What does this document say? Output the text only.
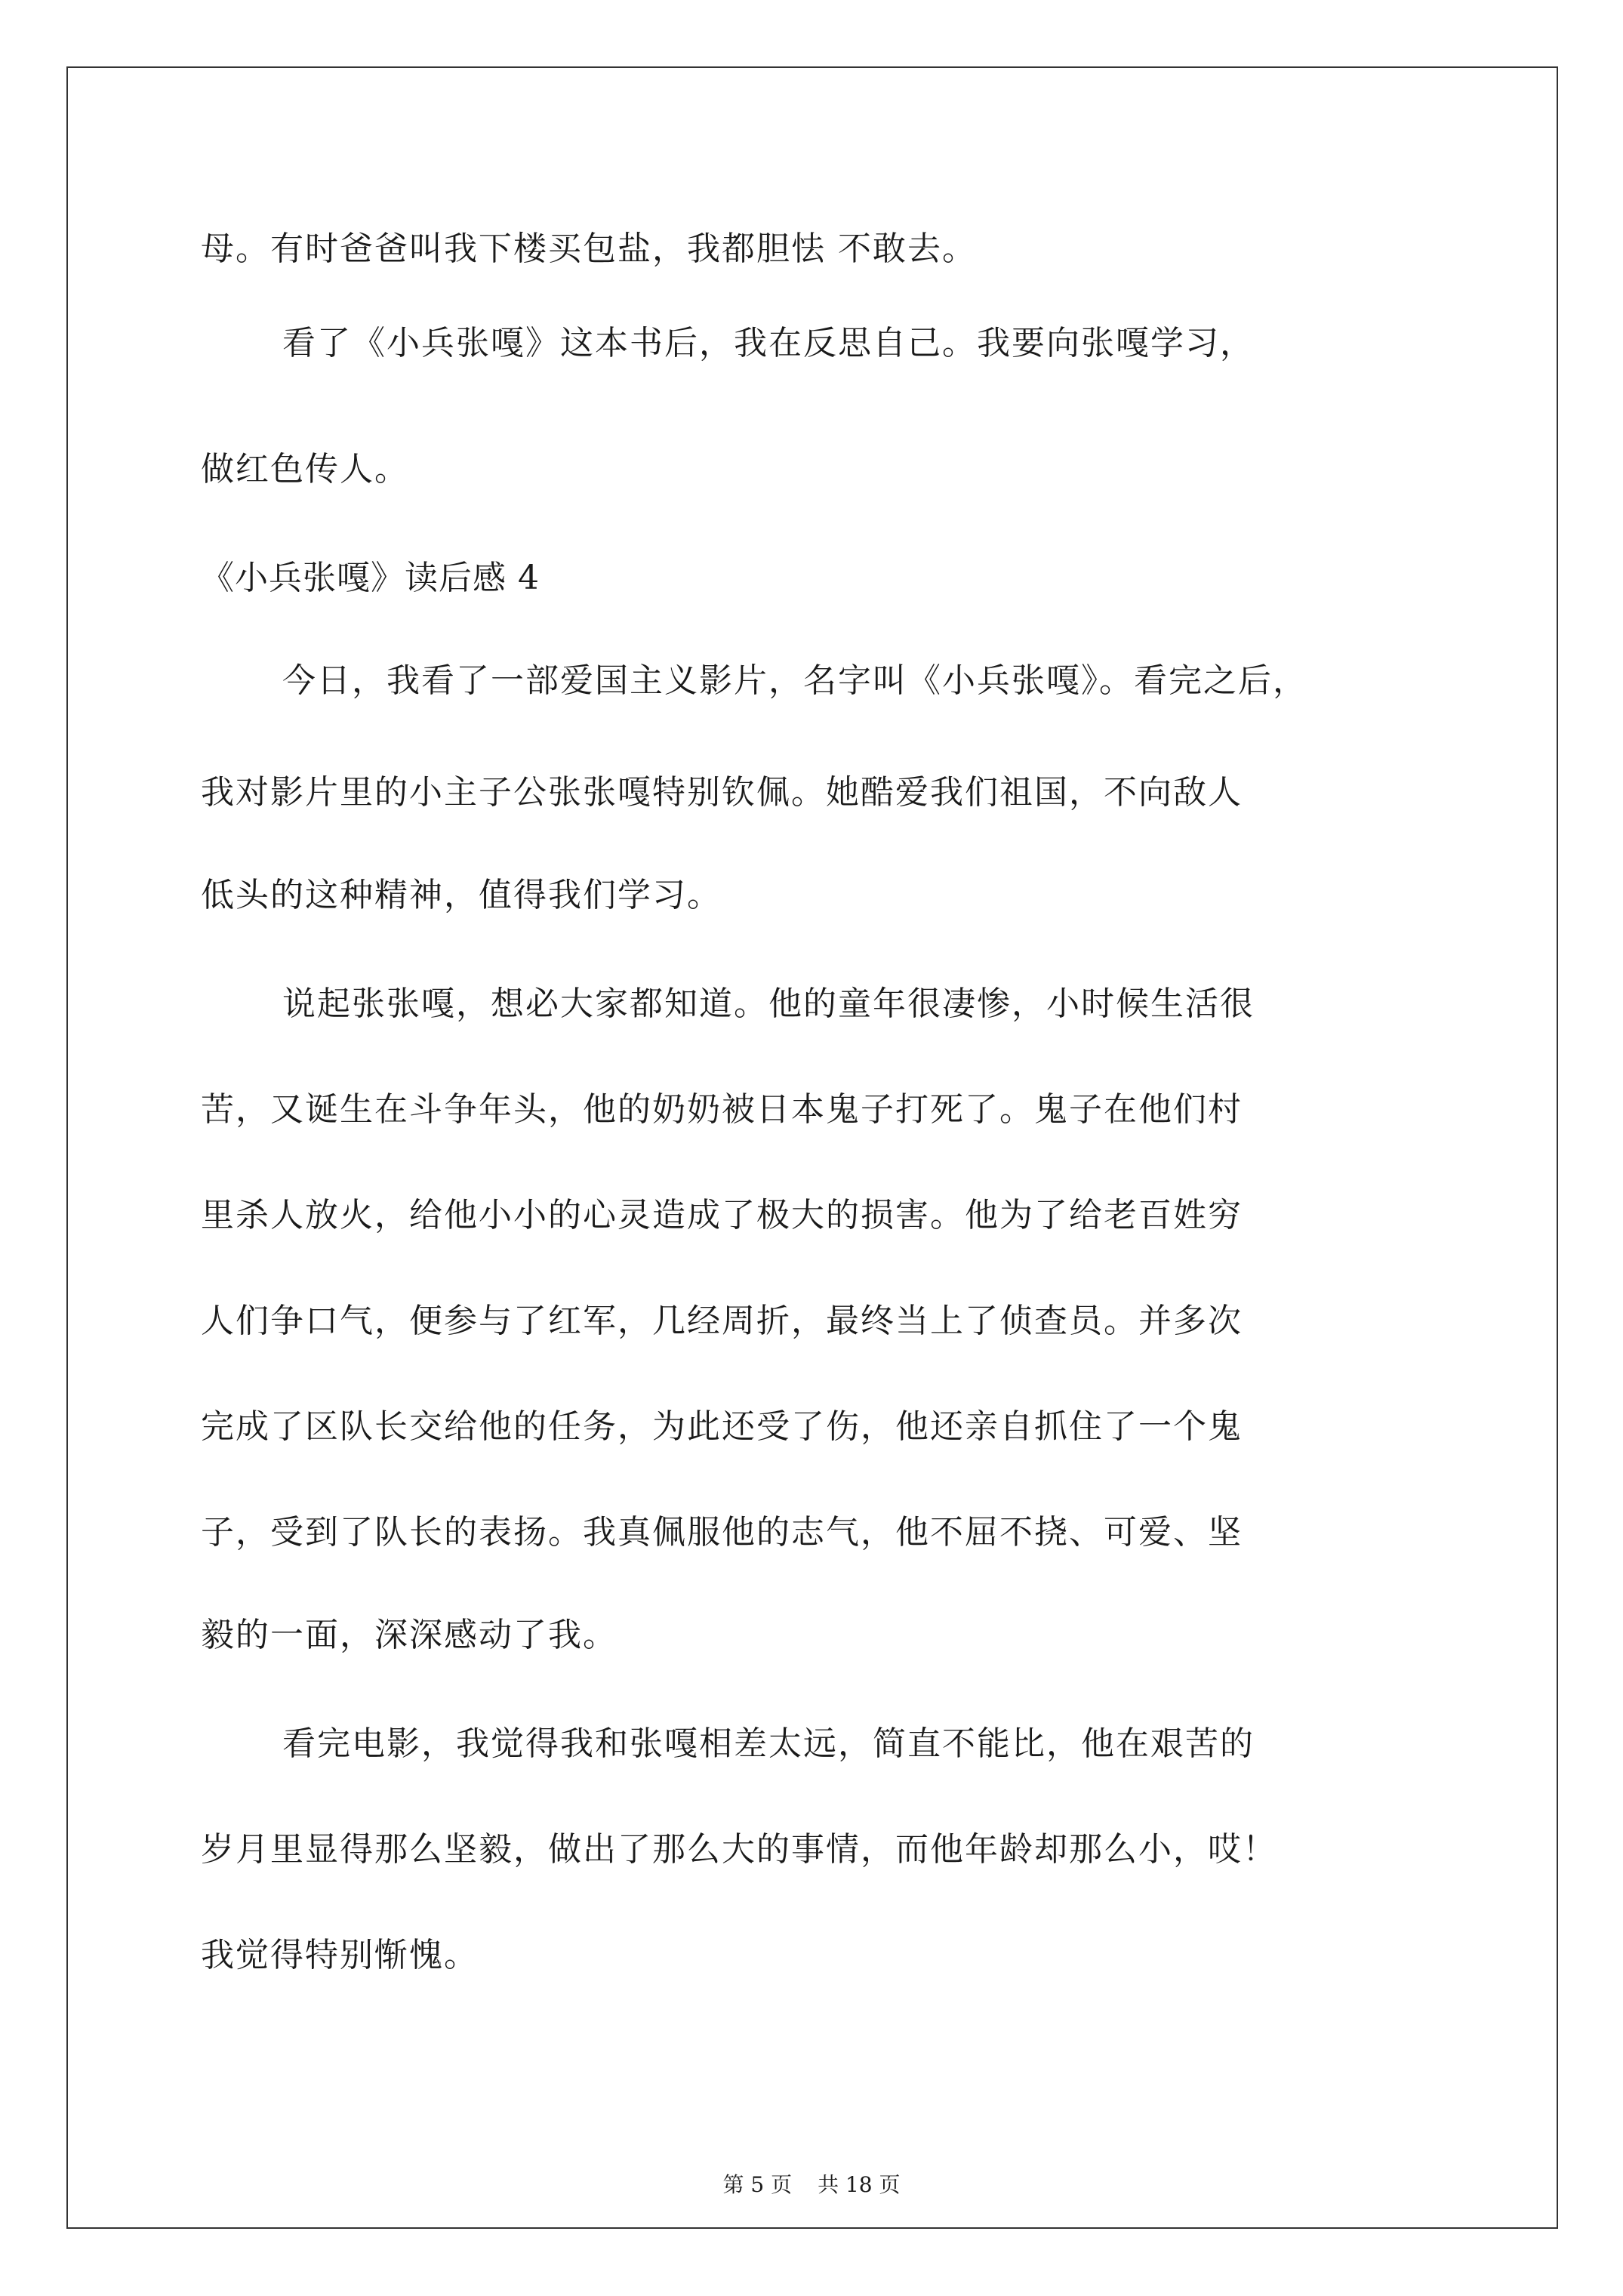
母。有时爸爸叫我下楼买包盐，我都胆怯 不敢去。
看了《小兵张嘎》这本书后，我在反思自己。我要向张嘎学习，
做红色传人。
《小兵张嘎》读后感 4
今日，我看了一部爱国主义影片，名字叫《小兵张嘎》。看完之后，
我对影片里的小主子公张张嘎特别钦佩。她酷爱我们祖国，不向敌人
低头的这种精神，值得我们学习。
说起张张嘎，想必大家都知道。他的童年很凄惨，小时候生活很
苦，又诞生在斗争年头，他的奶奶被日本鬼子打死了。鬼子在他们村
里杀人放火，给他小小的心灵造成了极大的损害。他为了给老百姓穷
人们争口气，便参与了红军，几经周折，最终当上了侦查员。并多次
完成了区队长交给他的任务，为此还受了伤，他还亲自抓住了一个鬼
子，受到了队长的表扬。我真佩服他的志气，他不屈不挠、可爱、坚
毅的一面，深深感动了我。
看完电影，我觉得我和张嘎相差太远，简直不能比，他在艰苦的
岁月里显得那么坚毅，做出了那么大的事情，而他年龄却那么小，哎！
我觉得特别惭愧。
第 5 页 共 18 页
